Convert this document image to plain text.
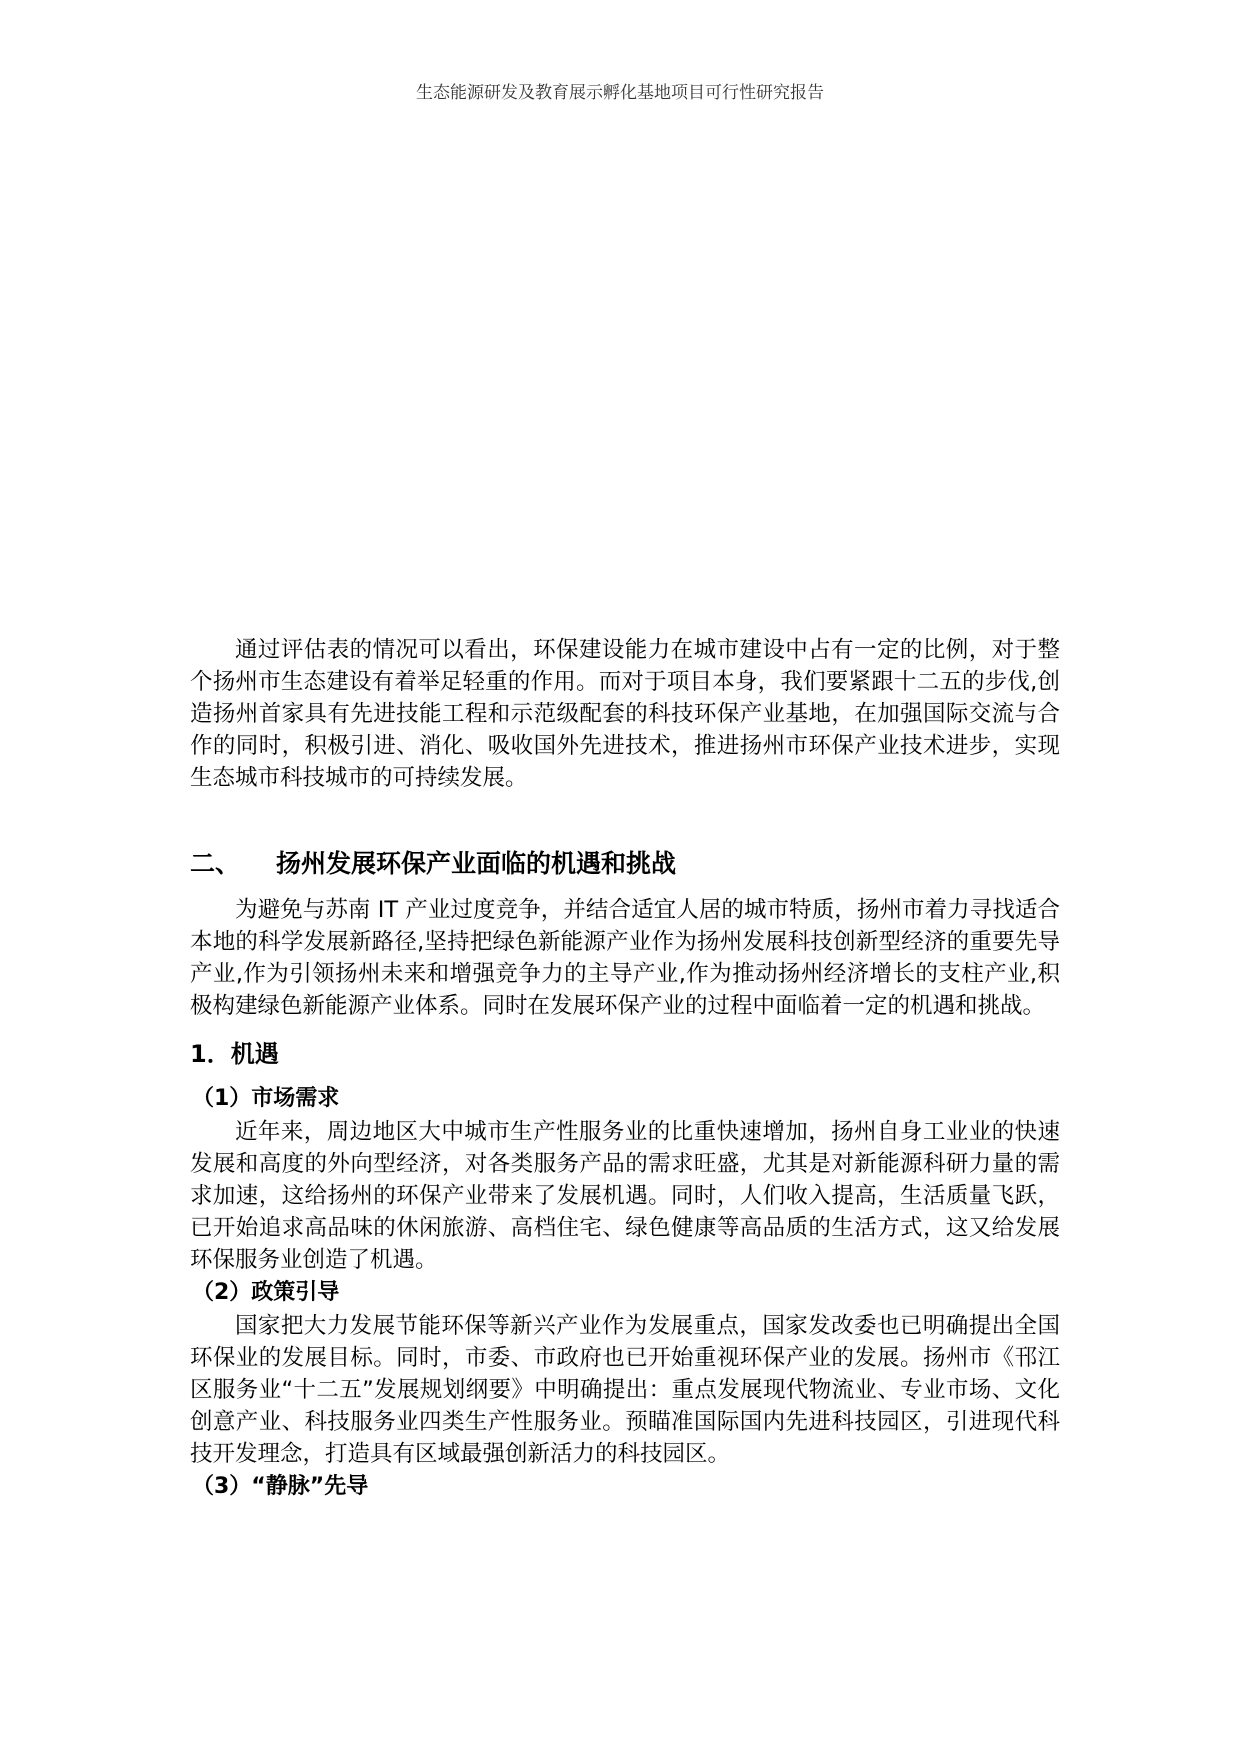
生态能源研发及教育展示孵化基地项目可行性研究报告

通过评估表的情况可以看出，环保建设能力在城市建设中占有一定的比例，对于整个扬州市生态建设有着举足轻重的作用。而对于项目本身，我们要紧跟十二五的步伐,创造扬州首家具有先进技能工程和示范级配套的科技环保产业基地，在加强国际交流与合作的同时，积极引进、消化、吸收国外先进技术，推进扬州市环保产业技术进步，实现生态城市科技城市的可持续发展。

二、	扬州发展环保产业面临的机遇和挑战

为避免与苏南 IT 产业过度竞争，并结合适宜人居的城市特质，扬州市着力寻找适合本地的科学发展新路径,坚持把绿色新能源产业作为扬州发展科技创新型经济的重要先导产业,作为引领扬州未来和增强竞争力的主导产业,作为推动扬州经济增长的支柱产业,积极构建绿色新能源产业体系。同时在发展环保产业的过程中面临着一定的机遇和挑战。

1．机遇
（1）市场需求

近年来，周边地区大中城市生产性服务业的比重快速增加，扬州自身工业业的快速发展和高度的外向型经济，对各类服务产品的需求旺盛，尤其是对新能源科研力量的需求加速，这给扬州的环保产业带来了发展机遇。同时，人们收入提高，生活质量飞跃，已开始追求高品味的休闲旅游、高档住宅、绿色健康等高品质的生活方式，这又给发展环保服务业创造了机遇。

（2）政策引导

国家把大力发展节能环保等新兴产业作为发展重点，国家发改委也已明确提出全国环保业的发展目标。同时，市委、市政府也已开始重视环保产业的发展。扬州市《邗江区服务业“十二五”发展规划纲要》中明确提出：重点发展现代物流业、专业市场、文化创意产业、科技服务业四类生产性服务业。预瞄准国际国内先进科技园区，引进现代科技开发理念，打造具有区域最强创新活力的科技园区。

（3）“静脉”先导
